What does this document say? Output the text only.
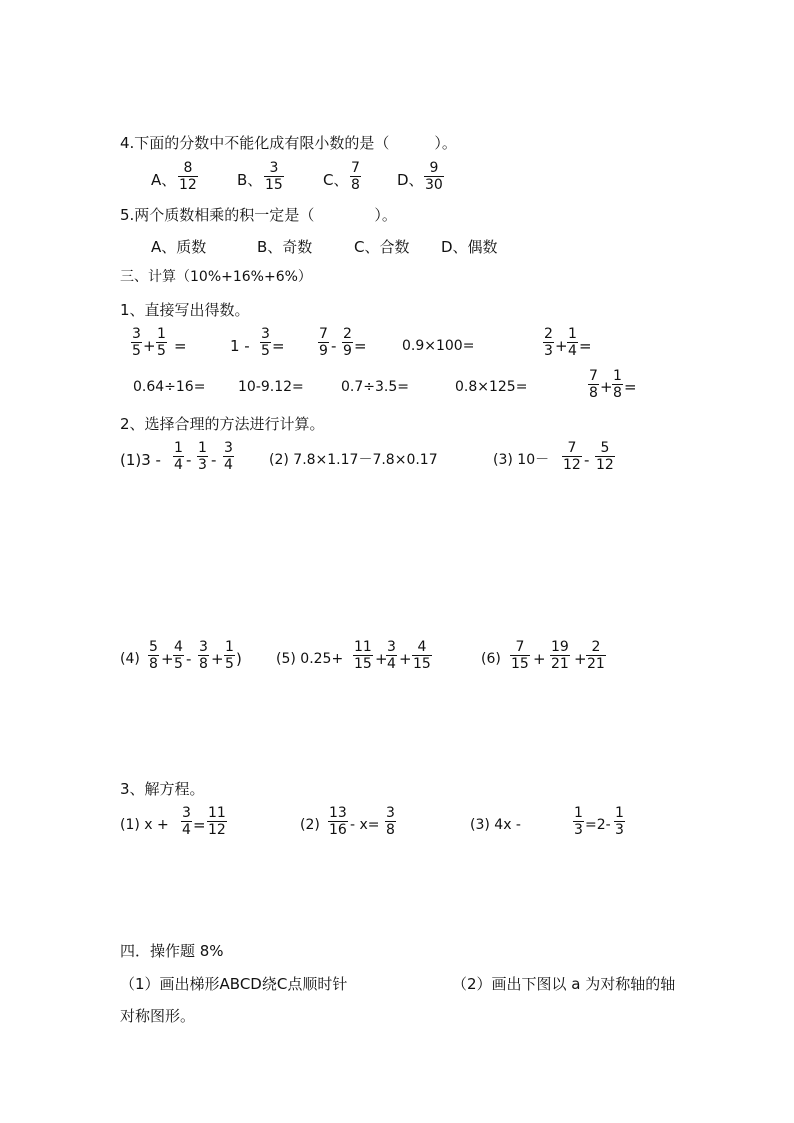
4.下面的分数中不能化成有限小数的是（　　　）。
A、 $\frac{8}{12}$	B、 $\frac{3}{15}$	C、 $\frac{7}{8}$ D、 $\frac{9}{30}$
5.两个质数相乘的积一定是（　　　　）。
A、质数	B、奇数	C、合数 D、偶数
三、计算（10%+16%+6%）
1、直接写出得数。
$\frac{3}{5} + \frac{1}{5}$ =	$1 - \frac{3}{5} = \frac{7}{9} - \frac{2}{9}$ =	0.9×100=	$\frac{2}{3} + \frac{1}{4}$ =
0.64÷16= 10-9.12=	0.7÷3.5=	0.8×125=	$\frac{7}{8} + \frac{1}{8}$ =
2、选择合理的方法进行计算。
$(1)3 - \frac{1}{4} - \frac{1}{3} - \frac{3}{4}$	(2) 7.8×1.17－7.8×0.17	(3) $10- \frac{7}{12} - \frac{5}{12}$
$(4) \frac{5}{8} + \frac{4}{5} - \frac{3}{8} + \frac{1}{5}$ ) (5) $0.25+ \frac{11}{15}$ +
$\frac{3}{4} + \frac{4}{15}$	$(6) \frac{7}{15} + \frac{19}{21} + \frac{2}{21}$
3、解方程。
(1) $x + \frac{3}{4} = \frac{11}{12}$	$(2) \frac{13}{16} - x= \frac{3}{8}$	(3) 4x -	$\frac{1}{3} =2- \frac{1}{3}$
四．操作题 8%
（1）画出梯形ABCD绕C点顺时针	（2）画出下图以 a 为对称轴的轴
对称图形。
